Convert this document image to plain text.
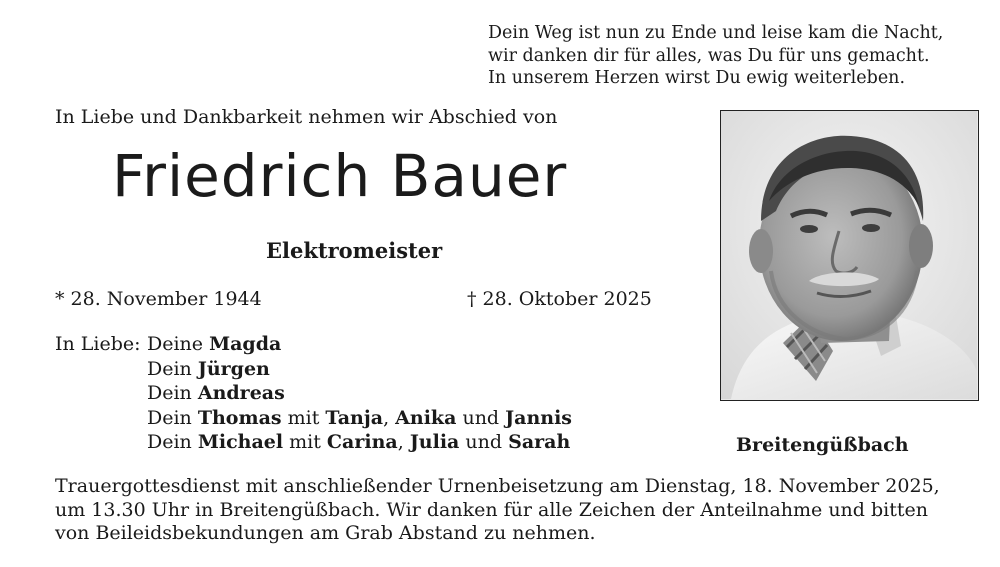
Dein Weg ist nun zu Ende und leise kam die Nacht,
wir danken dir für alles, was Du für uns gemacht.
In unserem Herzen wirst Du ewig weiterleben.
In Liebe und Dankbarkeit nehmen wir Abschied von
Friedrich Bauer
Elektromeister
* 28. November 1944	† 28. Oktober 2025
In Liebe: Deine Magda
Dein Jürgen
Dein Andreas
Dein Thomas mit Tanja, Anika und Jannis
Dein Michael mit Carina, Julia und Sarah	Breitengüßbach
Trauergottesdienst mit anschließender Urnenbeisetzung am Dienstag, 18. November 2025,
um 13.30 Uhr in Breitengüßbach. Wir danken für alle Zeichen der Anteilnahme und bitten
von Beileidsbekundungen am Grab Abstand zu nehmen.
